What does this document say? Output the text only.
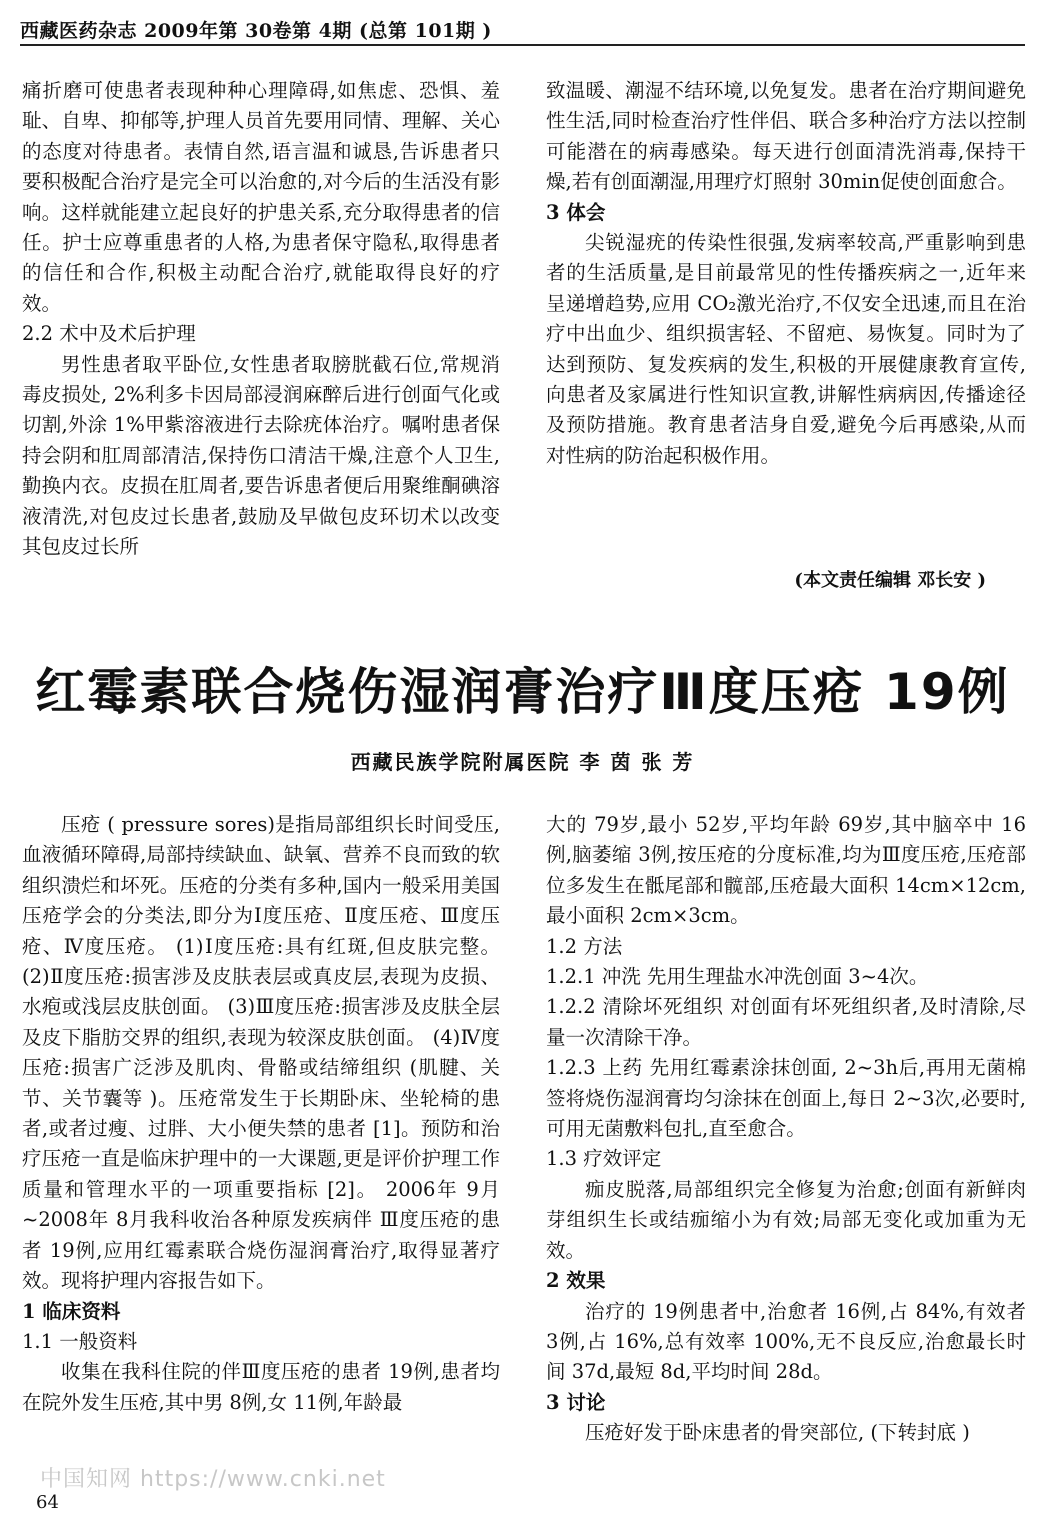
西藏医药杂志 2009年第 30卷第 4期 (总第 101期 )

痛折磨可使患者表现种种心理障碍,如焦虑、恐惧、羞耻、自卑、抑郁等,护理人员首先要用同情、理解、关心的态度对待患者。表情自然,语言温和诚恳,告诉患者只要积极配合治疗是完全可以治愈的,对今后的生活没有影响。这样就能建立起良好的护患关系,充分取得患者的信任。护士应尊重患者的人格,为患者保守隐私,取得患者的信任和合作,积极主动配合治疗,就能取得良好的疗效。

2.2 术中及术后护理

男性患者取平卧位,女性患者取膀胱截石位,常规消毒皮损处, 2%利多卡因局部浸润麻醉后进行创面气化或切割,外涂 1%甲紫溶液进行去除疣体治疗。嘱咐患者保持会阴和肛周部清洁,保持伤口清洁干燥,注意个人卫生,勤换内衣。皮损在肛周者,要告诉患者便后用聚维酮碘溶液清洗,对包皮过长患者,鼓励及早做包皮环切术以改变其包皮过长所

致温暖、潮湿不结环境,以免复发。患者在治疗期间避免性生活,同时检查治疗性伴侣、联合多种治疗方法以控制可能潜在的病毒感染。每天进行创面清洗消毒,保持干燥,若有创面潮湿,用理疗灯照射 30min促使创面愈合。

3 体会

尖锐湿疣的传染性很强,发病率较高,严重影响到患者的生活质量,是目前最常见的性传播疾病之一,近年来呈递增趋势,应用 CO₂激光治疗,不仅安全迅速,而且在治疗中出血少、组织损害轻、不留疤、易恢复。同时为了达到预防、复发疾病的发生,积极的开展健康教育宣传,向患者及家属进行性知识宣教,讲解性病病因,传播途径及预防措施。教育患者洁身自爱,避免今后再感染,从而对性病的防治起积极作用。

(本文责任编辑 邓长安 )

红霉素联合烧伤湿润膏治疗Ⅲ度压疮 19例
西藏民族学院附属医院 李 茵 张 芳

压疮 ( pressure sores)是指局部组织长时间受压,血液循环障碍,局部持续缺血、缺氧、营养不良而致的软组织溃烂和坏死。压疮的分类有多种,国内一般采用美国压疮学会的分类法,即分为Ⅰ度压疮、Ⅱ度压疮、Ⅲ度压疮、Ⅳ度压疮。 (1)Ⅰ度压疮:具有红斑,但皮肤完整。 (2)Ⅱ度压疮:损害涉及皮肤表层或真皮层,表现为皮损、水疱或浅层皮肤创面。 (3)Ⅲ度压疮:损害涉及皮肤全层及皮下脂肪交界的组织,表现为较深皮肤创面。 (4)Ⅳ度压疮:损害广泛涉及肌肉、骨骼或结缔组织 (肌腱、关节、关节囊等 )。压疮常发生于长期卧床、坐轮椅的患者,或者过瘦、过胖、大小便失禁的患者 [1]。预防和治疗压疮一直是临床护理中的一大课题,更是评价护理工作质量和管理水平的一项重要指标 [2]。 2006年 9月 ~2008年 8月我科收治各种原发疾病伴 Ⅲ度压疮的患者 19例,应用红霉素联合烧伤湿润膏治疗,取得显著疗效。现将护理内容报告如下。

1 临床资料

1.1 一般资料

收集在我科住院的伴Ⅲ度压疮的患者 19例,患者均在院外发生压疮,其中男 8例,女 11例,年龄最

大的 79岁,最小 52岁,平均年龄 69岁,其中脑卒中 16例,脑萎缩 3例,按压疮的分度标准,均为Ⅲ度压疮,压疮部位多发生在骶尾部和髋部,压疮最大面积 14cm×12cm,最小面积 2cm×3cm。

1.2 方法

1.2.1 冲洗 先用生理盐水冲洗创面 3~4次。

1.2.2 清除坏死组织 对创面有坏死组织者,及时清除,尽量一次清除干净。

1.2.3 上药 先用红霉素涂抹创面, 2~3h后,再用无菌棉签将烧伤湿润膏均匀涂抹在创面上,每日 2~3次,必要时,可用无菌敷料包扎,直至愈合。

1.3 疗效评定

痂皮脱落,局部组织完全修复为治愈;创面有新鲜肉芽组织生长或结痂缩小为有效;局部无变化或加重为无效。

2 效果

治疗的 19例患者中,治愈者 16例,占 84%,有效者 3例,占 16%,总有效率 100%,无不良反应,治愈最长时间 37d,最短 8d,平均时间 28d。

3 讨论

压疮好发于卧床患者的骨突部位, (下转封底 )

中国知网 https://www.cnki.net
64
